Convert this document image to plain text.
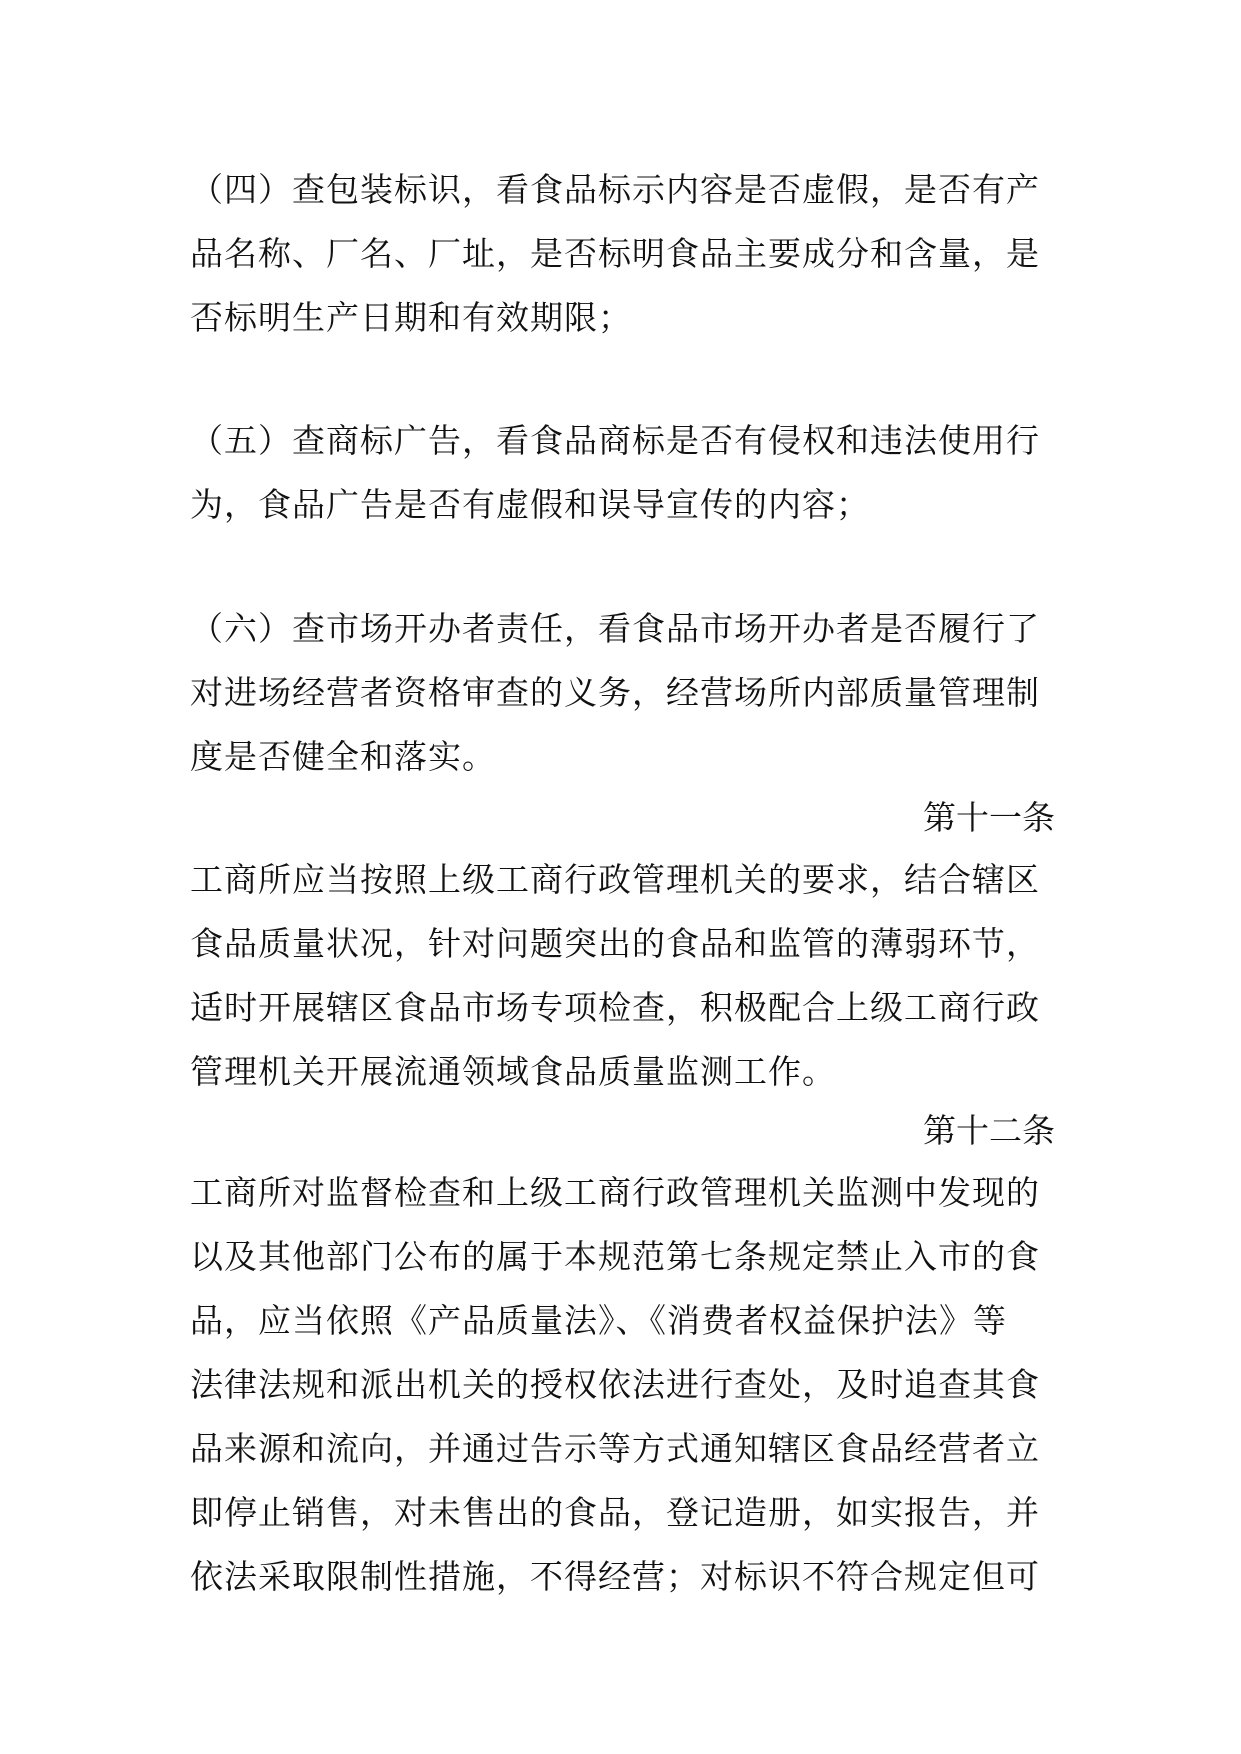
（四）查包装标识，看食品标示内容是否虚假，是否有产
品名称、厂名、厂址，是否标明食品主要成分和含量，是
否标明生产日期和有效期限；

（五）查商标广告，看食品商标是否有侵权和违法使用行
为，食品广告是否有虚假和误导宣传的内容；

（六）查市场开办者责任，看食品市场开办者是否履行了
对进场经营者资格审查的义务，经营场所内部质量管理制
度是否健全和落实。

第十一条

工商所应当按照上级工商行政管理机关的要求，结合辖区
食品质量状况，针对问题突出的食品和监管的薄弱环节，
适时开展辖区食品市场专项检查，积极配合上级工商行政
管理机关开展流通领域食品质量监测工作。

第十二条

工商所对监督检查和上级工商行政管理机关监测中发现的
以及其他部门公布的属于本规范第七条规定禁止入市的食
品，应当依照《产品质量法》、《消费者权益保护法》等
法律法规和派出机关的授权依法进行查处，及时追查其食
品来源和流向，并通过告示等方式通知辖区食品经营者立
即停止销售，对未售出的食品，登记造册，如实报告，并
依法采取限制性措施，不得经营；对标识不符合规定但可
